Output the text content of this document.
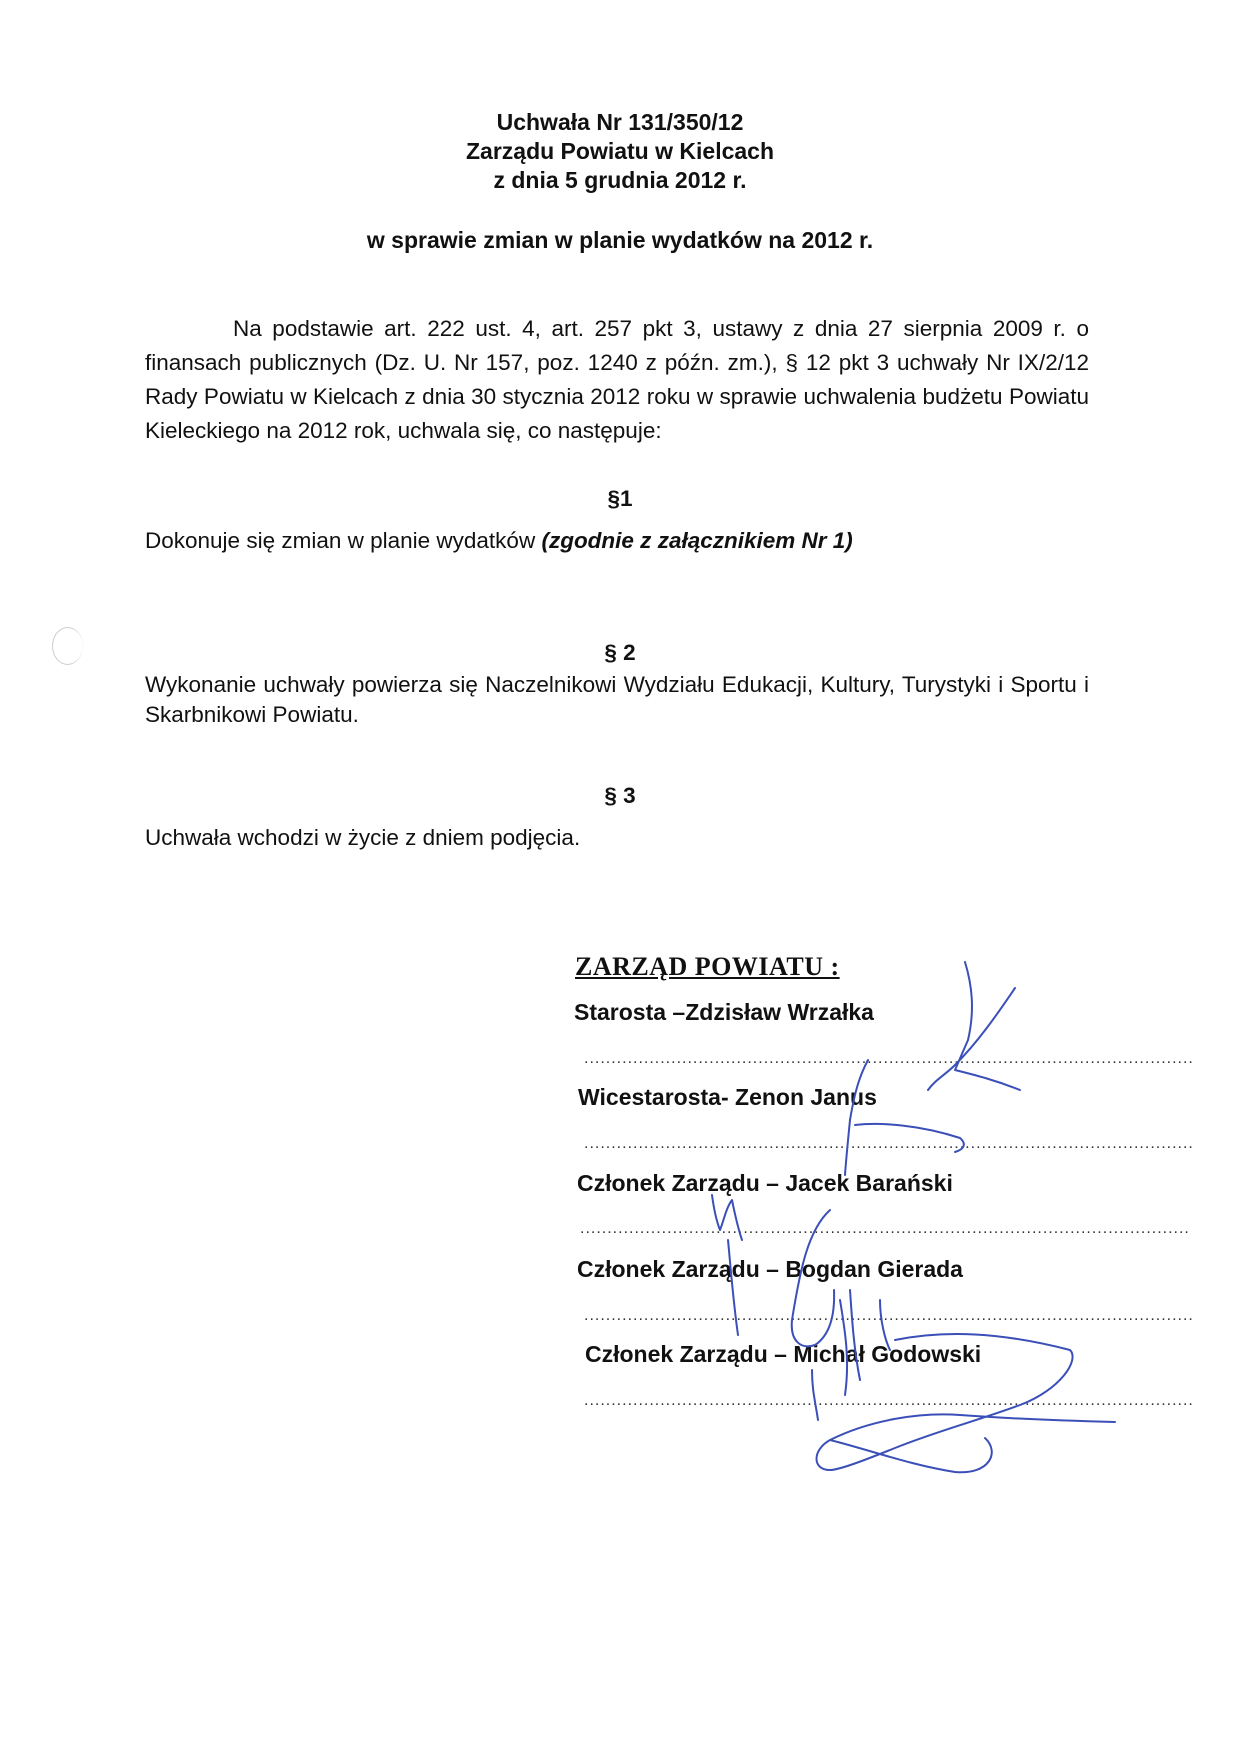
Uchwała Nr 131/350/12
Zarządu Powiatu w Kielcach
z dnia 5 grudnia 2012 r.
w sprawie zmian w planie wydatków na 2012 r.
Na podstawie art. 222 ust. 4, art. 257 pkt 3, ustawy z dnia 27 sierpnia 2009 r. o finansach publicznych (Dz. U. Nr 157, poz. 1240 z późn. zm.), § 12 pkt 3 uchwały Nr IX/2/12 Rady Powiatu w Kielcach z dnia 30 stycznia 2012 roku w sprawie uchwalenia budżetu Powiatu Kieleckiego na 2012 rok, uchwala się, co następuje:
§1
Dokonuje się zmian w planie wydatków (zgodnie z załącznikiem Nr 1)
§ 2
Wykonanie uchwały powierza się Naczelnikowi Wydziału Edukacji, Kultury, Turystyki i Sportu i Skarbnikowi Powiatu.
§ 3
Uchwała wchodzi w życie z dniem podjęcia.
ZARZĄD POWIATU :
Starosta –Zdzisław Wrzałka
................................................................................................................
Wicestarosta- Zenon Janus
................................................................................................................
Członek Zarządu – Jacek Barański
................................................................................................................
Członek Zarządu – Bogdan Gierada
................................................................................................................
Członek Zarządu – Michał Godowski
................................................................................................................
